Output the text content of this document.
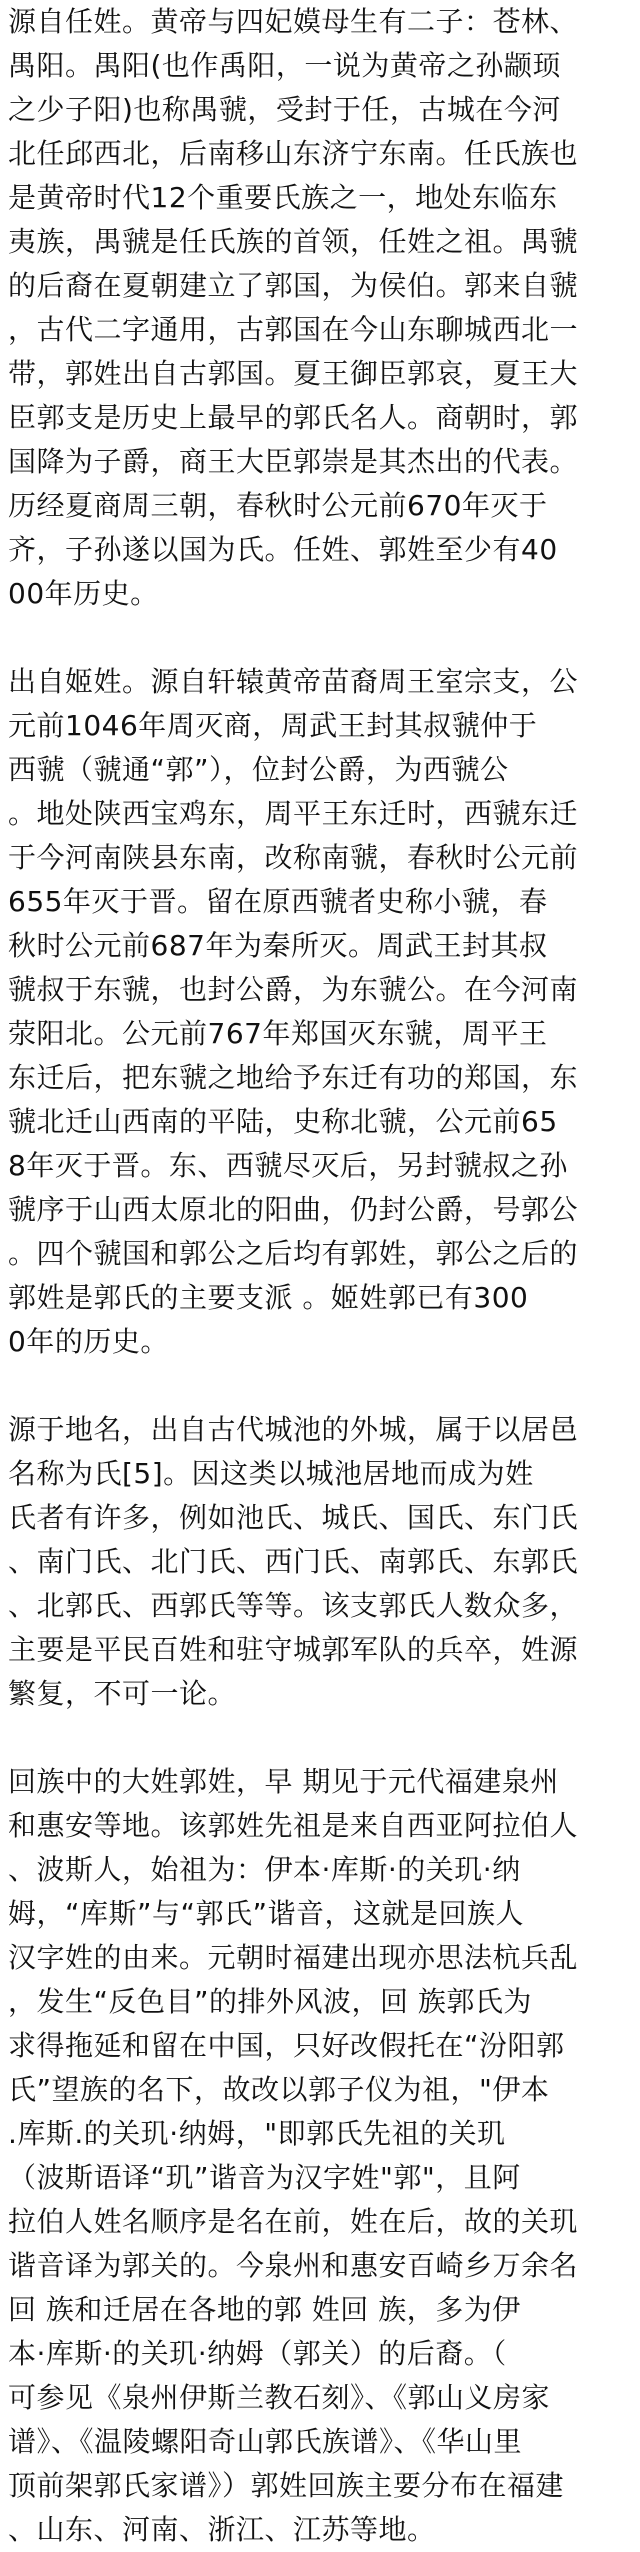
源自任姓。黄帝与四妃嫫母生有二子：苍林、
禺阳。禺阳(也作禹阳，一说为黄帝之孙颛顼
之少子阳)也称禺虢，受封于任，古城在今河
北任邱西北，后南移山东济宁东南。任氏族也
是黄帝时代12个重要氏族之一，地处东临东
夷族，禺虢是任氏族的首领，任姓之祖。禺虢
的后裔在夏朝建立了郭国，为侯伯。郭来自虢
，古代二字通用，古郭国在今山东聊城西北一
带，郭姓出自古郭国。夏王御臣郭哀，夏王大
臣郭支是历史上最早的郭氏名人。商朝时，郭
国降为子爵，商王大臣郭崇是其杰出的代表。
历经夏商周三朝，春秋时公元前670年灭于
齐，子孙遂以国为氏。任姓、郭姓至少有40
00年历史。
出自姬姓。源自轩辕黄帝苗裔周王室宗支，公
元前1046年周灭商，周武王封其叔虢仲于
西虢（虢通“郭”），位封公爵，为西虢公
。地处陕西宝鸡东，周平王东迁时，西虢东迁
于今河南陕县东南，改称南虢，春秋时公元前
655年灭于晋。留在原西虢者史称小虢，春
秋时公元前687年为秦所灭。周武王封其叔
虢叔于东虢，也封公爵，为东虢公。在今河南
荥阳北。公元前767年郑国灭东虢，周平王
东迁后，把东虢之地给予东迁有功的郑国，东
虢北迁山西南的平陆，史称北虢，公元前65
8年灭于晋。东、西虢尽灭后，另封虢叔之孙
虢序于山西太原北的阳曲，仍封公爵，号郭公
。四个虢国和郭公之后均有郭姓，郭公之后的
郭姓是郭氏的主要支派 。姬姓郭已有300
0年的历史。
源于地名，出自古代城池的外城，属于以居邑
名称为氏[5]。因这类以城池居地而成为姓
氏者有许多，例如池氏、城氏、国氏、东门氏
、南门氏、北门氏、西门氏、南郭氏、东郭氏
、北郭氏、西郭氏等等。该支郭氏人数众多，
主要是平民百姓和驻守城郭军队的兵卒，姓源
繁复，不可一论。
回族中的大姓郭姓，早 期见于元代福建泉州
和惠安等地。该郭姓先祖是来自西亚阿拉伯人
、波斯人，始祖为：伊本·库斯·的关玑·纳
姆，“库斯”与“郭氏”谐音，这就是回族人
汉字姓的由来。元朝时福建出现亦思法杭兵乱
，发生“反色目”的排外风波，回 族郭氏为
求得拖延和留在中国，只好改假托在“汾阳郭
氏”望族的名下，故改以郭子仪为祖，"伊本
.库斯.的关玑·纳姆，"即郭氏先祖的关玑
（波斯语译“玑”谐音为汉字姓"郭"，且阿
拉伯人姓名顺序是名在前，姓在后，故的关玑
谐音译为郭关的。今泉州和惠安百崎乡万余名
回 族和迁居在各地的郭 姓回 族，多为伊
本·库斯·的关玑·纳姆（郭关）的后裔。（
可参见《泉州伊斯兰教石刻》、《郭山义房家
谱》、《温陵螺阳奇山郭氏族谱》、《华山里
顶前架郭氏家谱》）郭姓回族主要分布在福建
、山东、河南、浙江、江苏等地。
